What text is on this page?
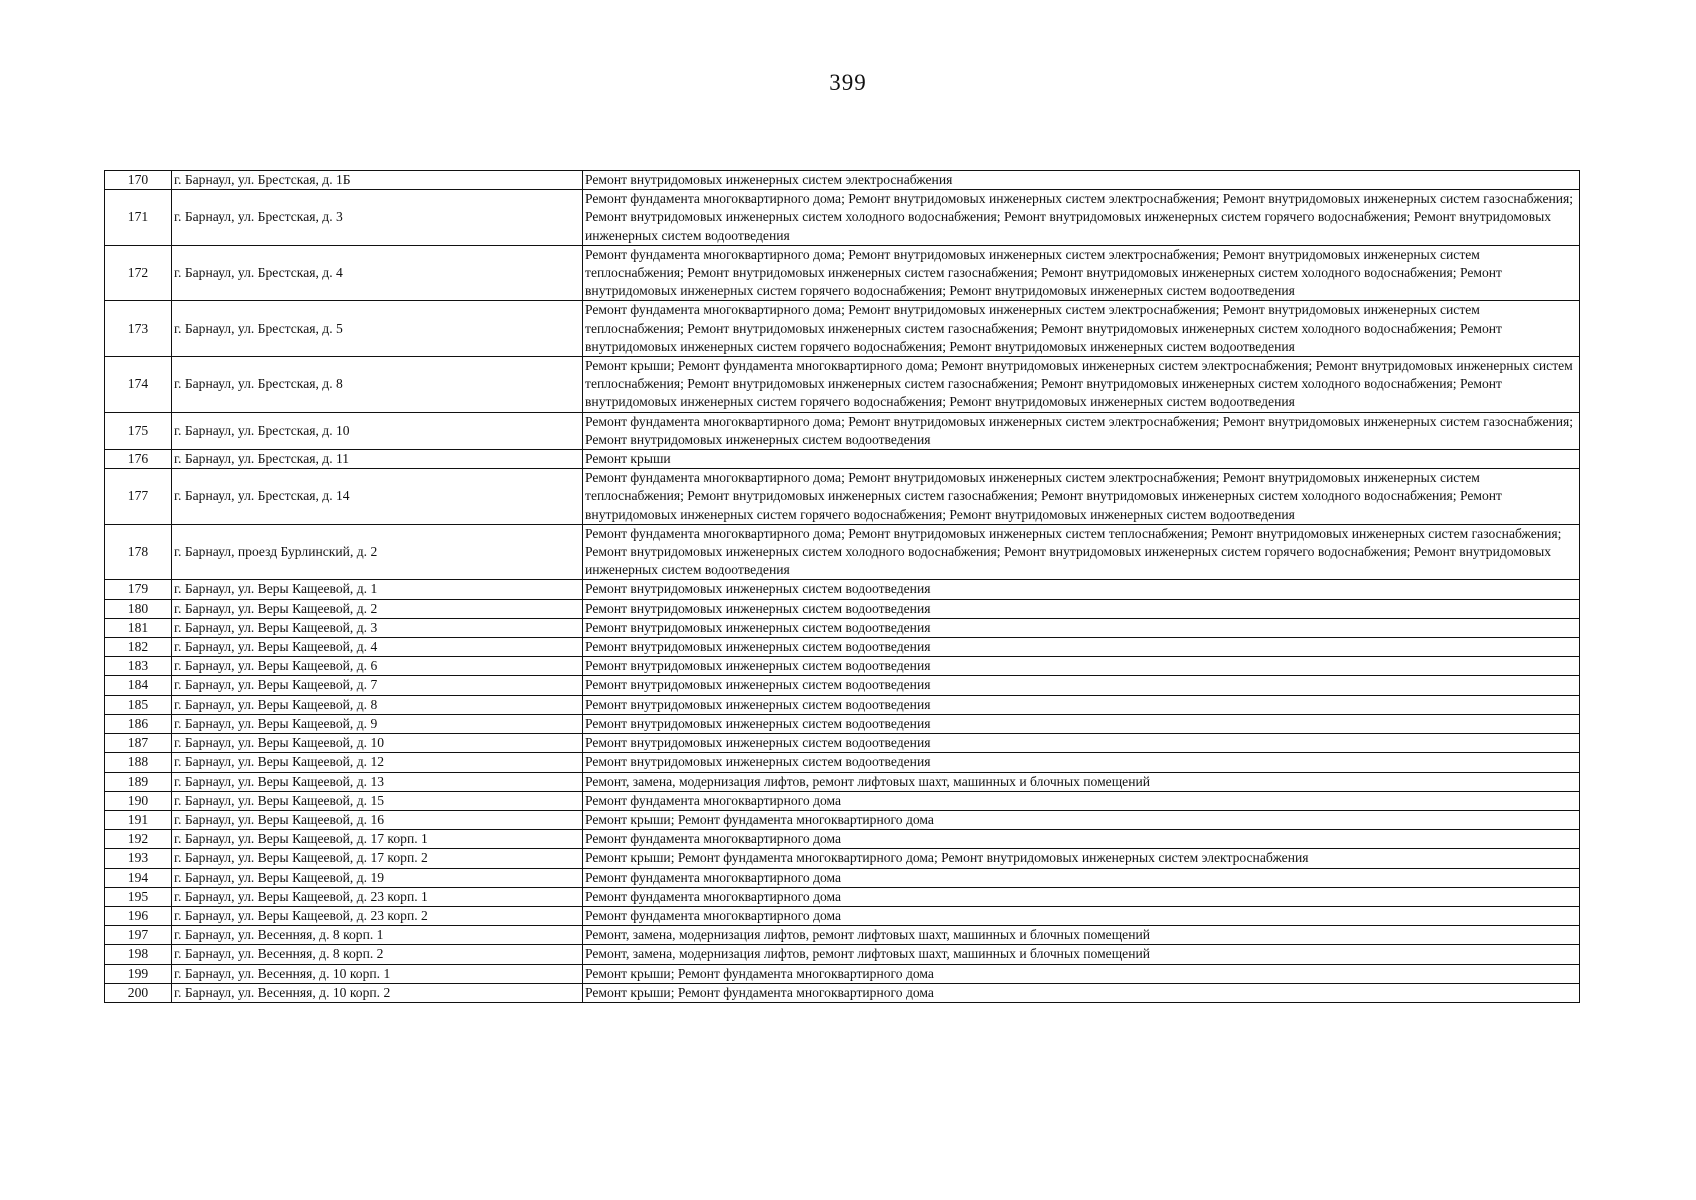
399
170	г. Барнаул, ул. Брестская, д. 1Б	Ремонт внутридомовых инженерных систем электроснабжения
171	г. Барнаул, ул. Брестская, д. 3	Ремонт фундамента многоквартирного дома; Ремонт внутридомовых инженерных систем электроснабжения; Ремонт внутридомовых инженерных систем газоснабжения; Ремонт внутридомовых инженерных систем холодного водоснабжения; Ремонт внутридомовых инженерных систем горячего водоснабжения; Ремонт внутридомовых инженерных систем водоотведения
172	г. Барнаул, ул. Брестская, д. 4	Ремонт фундамента многоквартирного дома; Ремонт внутридомовых инженерных систем электроснабжения; Ремонт внутридомовых инженерных систем теплоснабжения; Ремонт внутридомовых инженерных систем газоснабжения; Ремонт внутридомовых инженерных систем холодного водоснабжения; Ремонт внутридомовых инженерных систем горячего водоснабжения; Ремонт внутридомовых инженерных систем водоотведения
173	г. Барнаул, ул. Брестская, д. 5	Ремонт фундамента многоквартирного дома; Ремонт внутридомовых инженерных систем электроснабжения; Ремонт внутридомовых инженерных систем теплоснабжения; Ремонт внутридомовых инженерных систем газоснабжения; Ремонт внутридомовых инженерных систем холодного водоснабжения; Ремонт внутридомовых инженерных систем горячего водоснабжения; Ремонт внутридомовых инженерных систем водоотведения
174	г. Барнаул, ул. Брестская, д. 8	Ремонт крыши; Ремонт фундамента многоквартирного дома; Ремонт внутридомовых инженерных систем электроснабжения; Ремонт внутридомовых инженерных систем теплоснабжения; Ремонт внутридомовых инженерных систем газоснабжения; Ремонт внутридомовых инженерных систем холодного водоснабжения; Ремонт внутридомовых инженерных систем горячего водоснабжения; Ремонт внутридомовых инженерных систем водоотведения
175	г. Барнаул, ул. Брестская, д. 10	Ремонт фундамента многоквартирного дома; Ремонт внутридомовых инженерных систем электроснабжения; Ремонт внутридомовых инженерных систем газоснабжения; Ремонт внутридомовых инженерных систем водоотведения
176	г. Барнаул, ул. Брестская, д. 11	Ремонт крыши
177	г. Барнаул, ул. Брестская, д. 14	Ремонт фундамента многоквартирного дома; Ремонт внутридомовых инженерных систем электроснабжения; Ремонт внутридомовых инженерных систем теплоснабжения; Ремонт внутридомовых инженерных систем газоснабжения; Ремонт внутридомовых инженерных систем холодного водоснабжения; Ремонт внутридомовых инженерных систем горячего водоснабжения; Ремонт внутридомовых инженерных систем водоотведения
178	г. Барнаул, проезд Бурлинский, д. 2	Ремонт фундамента многоквартирного дома; Ремонт внутридомовых инженерных систем теплоснабжения; Ремонт внутридомовых инженерных систем газоснабжения; Ремонт внутридомовых инженерных систем холодного водоснабжения; Ремонт внутридомовых инженерных систем горячего водоснабжения; Ремонт внутридомовых инженерных систем водоотведения
179	г. Барнаул, ул. Веры Кащеевой, д. 1	Ремонт внутридомовых инженерных систем водоотведения
180	г. Барнаул, ул. Веры Кащеевой, д. 2	Ремонт внутридомовых инженерных систем водоотведения
181	г. Барнаул, ул. Веры Кащеевой, д. 3	Ремонт внутридомовых инженерных систем водоотведения
182	г. Барнаул, ул. Веры Кащеевой, д. 4	Ремонт внутридомовых инженерных систем водоотведения
183	г. Барнаул, ул. Веры Кащеевой, д. 6	Ремонт внутридомовых инженерных систем водоотведения
184	г. Барнаул, ул. Веры Кащеевой, д. 7	Ремонт внутридомовых инженерных систем водоотведения
185	г. Барнаул, ул. Веры Кащеевой, д. 8	Ремонт внутридомовых инженерных систем водоотведения
186	г. Барнаул, ул. Веры Кащеевой, д. 9	Ремонт внутридомовых инженерных систем водоотведения
187	г. Барнаул, ул. Веры Кащеевой, д. 10	Ремонт внутридомовых инженерных систем водоотведения
188	г. Барнаул, ул. Веры Кащеевой, д. 12	Ремонт внутридомовых инженерных систем водоотведения
189	г. Барнаул, ул. Веры Кащеевой, д. 13	Ремонт, замена, модернизация лифтов, ремонт лифтовых шахт, машинных и блочных помещений
190	г. Барнаул, ул. Веры Кащеевой, д. 15	Ремонт фундамента многоквартирного дома
191	г. Барнаул, ул. Веры Кащеевой, д. 16	Ремонт крыши; Ремонт фундамента многоквартирного дома
192	г. Барнаул, ул. Веры Кащеевой, д. 17 корп. 1	Ремонт фундамента многоквартирного дома
193	г. Барнаул, ул. Веры Кащеевой, д. 17 корп. 2	Ремонт крыши; Ремонт фундамента многоквартирного дома; Ремонт внутридомовых инженерных систем электроснабжения
194	г. Барнаул, ул. Веры Кащеевой, д. 19	Ремонт фундамента многоквартирного дома
195	г. Барнаул, ул. Веры Кащеевой, д. 23 корп. 1	Ремонт фундамента многоквартирного дома
196	г. Барнаул, ул. Веры Кащеевой, д. 23 корп. 2	Ремонт фундамента многоквартирного дома
197	г. Барнаул, ул. Весенняя, д. 8 корп. 1	Ремонт, замена, модернизация лифтов, ремонт лифтовых шахт, машинных и блочных помещений
198	г. Барнаул, ул. Весенняя, д. 8 корп. 2	Ремонт, замена, модернизация лифтов, ремонт лифтовых шахт, машинных и блочных помещений
199	г. Барнаул, ул. Весенняя, д. 10 корп. 1	Ремонт крыши; Ремонт фундамента многоквартирного дома
200	г. Барнаул, ул. Весенняя, д. 10 корп. 2	Ремонт крыши; Ремонт фундамента многоквартирного дома
